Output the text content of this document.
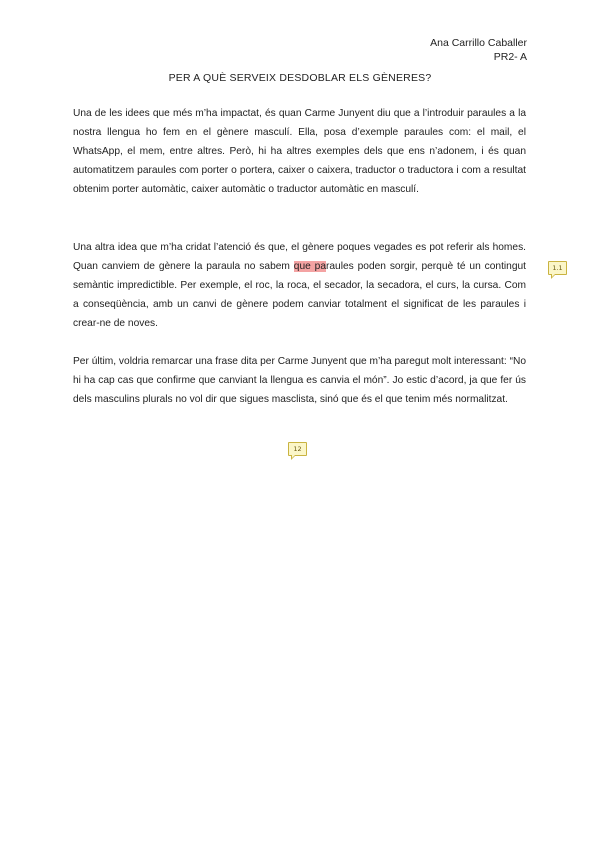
Ana Carrillo Caballer
PR2- A
PER A QUÈ SERVEIX DESDOBLAR ELS GÈNERES?

Una de les idees que més m’ha impactat, és quan Carme Junyent diu que a l’introduir paraules a la nostra llengua ho fem en el gènere masculí. Ella, posa d’exemple paraules com: el mail, el WhatsApp, el mem, entre altres. Però, hi ha altres exemples dels que ens n’adonem, i és quan automatitzem paraules com porter o portera, caixer o caixera, traductor o traductora i com a resultat obtenim porter automàtic, caixer automàtic o traductor automàtic en masculí.

Una altra idea que m’ha cridat l’atenció és que, el gènere poques vegades es pot referir als homes. Quan canviem de gènere la paraula no sabem que paraules poden sorgir, perquè té un contingut semàntic impredictible. Per exemple, el roc, la roca, el secador, la secadora, el curs, la cursa. Com a conseqüència, amb un canvi de gènere podem canviar totalment el significat de les paraules i crear-ne de noves.

Per últim, voldria remarcar una frase dita per Carme Junyent que m’ha paregut molt interessant: “No hi ha cap cas que confirme que canviant la llengua es canvia el món”. Jo estic d’acord, ja que fer ús dels masculins plurals no vol dir que sigues masclista, sinó que és el que tenim més normalitzat.

1.1
12
